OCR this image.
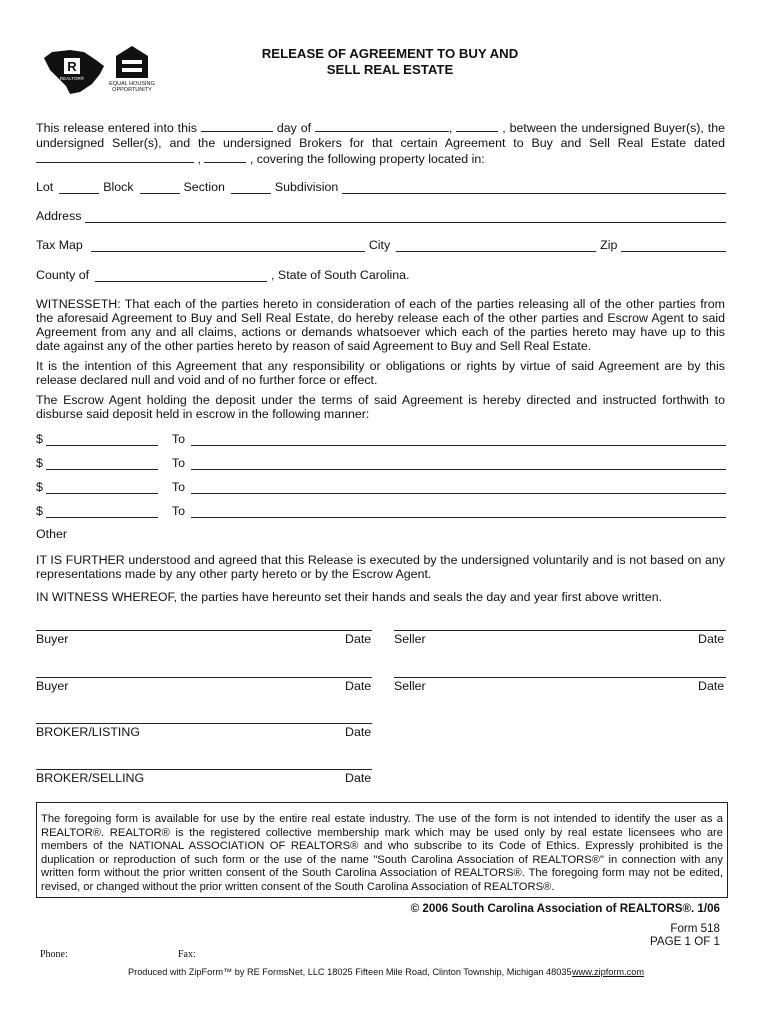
R
REALTOR®
EQUAL HOUSING
OPPORTUNITY
RELEASE OF AGREEMENT TO BUY AND
SELL REAL ESTATE
This release entered into this	day of	,	, between the undersigned Buyer(s), the undersigned Seller(s), and the undersigned Brokers for that certain Agreement to Buy and Sell Real Estate dated  ,	, covering the following property located in:
Lot	Block	Section	Subdivision
Address
Tax Map	City	Zip
County of	, State of South Carolina.
WITNESSETH: That each of the parties hereto in consideration of each of the parties releasing all of the other parties from the aforesaid Agreement to Buy and Sell Real Estate, do hereby release each of the other parties and Escrow Agent to said Agreement from any and all claims, actions or demands whatsoever which each of the parties hereto may have up to this date against any of the other parties hereto by reason of said Agreement to Buy and Sell Real Estate.
It is the intention of this Agreement that any responsibility or obligations or rights by virtue of said Agreement are by this release declared null and void and of no further force or effect.
The Escrow Agent holding the deposit under the terms of said Agreement is hereby directed and instructed forthwith to disburse said deposit held in escrow in the following manner:
$	To
$	To
$	To
$	To
Other
IT IS FURTHER understood and agreed that this Release is executed by the undersigned voluntarily and is not based on any representations made by any other party hereto or by the Escrow Agent.
IN WITNESS WHEREOF, the parties have hereunto set their hands and seals the day and year first above written.
Buyer	Date Seller	Date
Buyer	Date Seller	Date
BROKER/LISTING	Date
BROKER/SELLING	Date
The foregoing form is available for use by the entire real estate industry. The use of the form is not intended to identify the user as a REALTOR®. REALTOR® is the registered collective membership mark which may be used only by real estate licensees who are members of the NATIONAL ASSOCIATION OF REALTORS® and who subscribe to its Code of Ethics. Expressly prohibited is the duplication or reproduction of such form or the use of the name "South Carolina Association of REALTORS®" in connection with any written form without the prior written consent of the South Carolina Association of REALTORS®. The foregoing form may not be edited, revised, or changed without the prior written consent of the South Carolina Association of REALTORS®.
© 2006 South Carolina Association of REALTORS®. 1/06
Form 518
PAGE 1 OF 1
Phone:	Fax:
Produced with ZipForm™ by RE FormsNet, LLC 18025 Fifteen Mile Road, Clinton Township, Michigan 48035 www.zipform.com
